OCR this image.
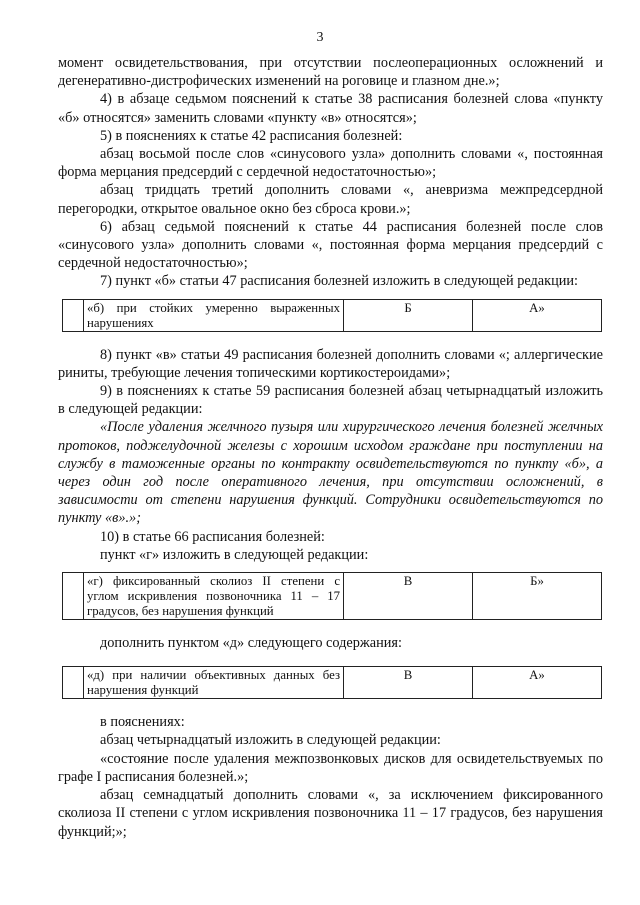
3

момент освидетельствования, при отсутствии послеоперационных осложнений и дегенеративно-дистрофических изменений на роговице и глазном дне.»;

4) в абзаце седьмом пояснений к статье 38 расписания болезней слова «пункту «б» относятся» заменить словами «пункту «в» относятся»;

5) в пояснениях к статье 42 расписания болезней:

абзац восьмой после слов «синусового узла» дополнить словами «, постоянная форма мерцания предсердий с сердечной недостаточностью»;

абзац тридцать третий дополнить словами «, аневризма межпредсердной перегородки, открытое овальное окно без сброса крови.»;

6) абзац седьмой пояснений к статье 44 расписания болезней после слов «синусового узла» дополнить словами «, постоянная форма мерцания предсердий с сердечной недостаточностью»;

7) пункт «б» статьи 47 расписания болезней изложить в следующей редакции:

	«б) при стойких умеренно выраженных нарушениях	Б	А»

8) пункт «в» статьи 49 расписания болезней дополнить словами «; аллергические риниты, требующие лечения топическими кортикостероидами»;

9) в пояснениях к статье 59 расписания болезней абзац четырнадцатый изложить в следующей редакции:

«После удаления желчного пузыря или хирургического лечения болезней желчных протоков, поджелудочной железы с хорошим исходом граждане при поступлении на службу в таможенные органы по контракту освидетельствуются по пункту «б», а через один год после оперативного лечения, при отсутствии осложнений, в зависимости от степени нарушения функций. Сотрудники освидетельствуются по пункту «в».»;

10) в статье 66 расписания болезней:

пункт «г» изложить в следующей редакции:

	«г) фиксированный сколиоз II степени с углом искривления позвоночника 11 – 17 градусов, без нарушения функций	В	Б»

дополнить пунктом «д» следующего содержания:

	«д) при наличии объективных данных без нарушения функций	В	А»

в пояснениях:

абзац четырнадцатый изложить в следующей редакции:

«состояние после удаления межпозвонковых дисков для освидетельствуемых по графе I расписания болезней.»;

абзац семнадцатый дополнить словами «, за исключением фиксированного сколиоза II степени с углом искривления позвоночника 11 – 17 градусов, без нарушения функций;»;
